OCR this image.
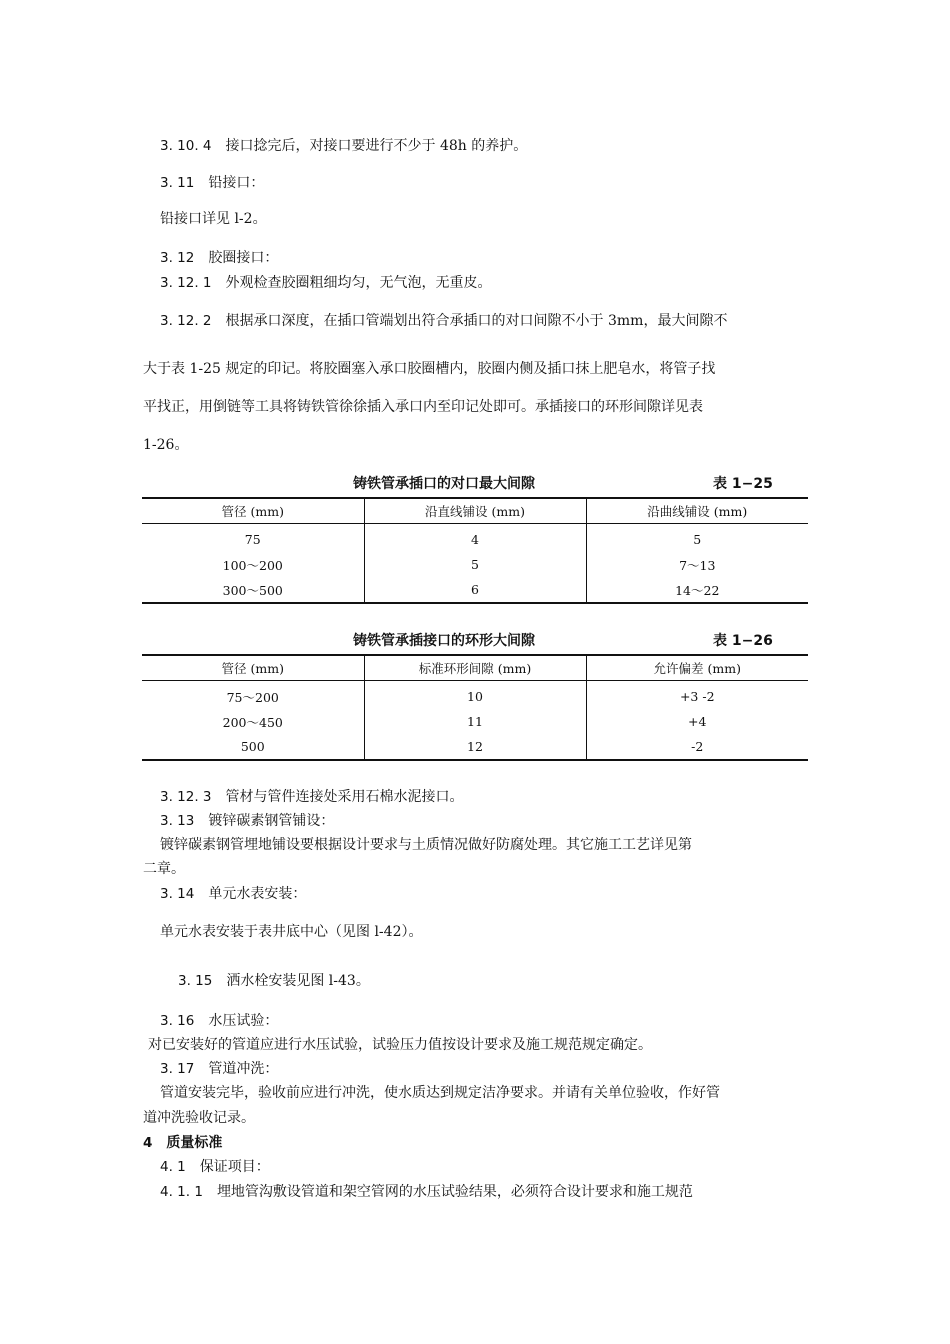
3. 10. 4 接口捻完后，对接口要进行不少于 48h 的养护。
3. 11 铅接口：
铅接口详见 l-2。
3. 12 胶圈接口：
3. 12. 1 外观检查胶圈粗细均匀，无气泡，无重皮。
3. 12. 2 根据承口深度，在插口管端划出符合承插口的对口间隙不小于 3mm，最大间隙不
大于表 1-25 规定的印记。将胶圈塞入承口胶圈槽内，胶圈内侧及插口抹上肥皂水，将管子找
平找正，用倒链等工具将铸铁管徐徐插入承口内至印记处即可。承插接口的环形间隙详见表
1-26。
铸铁管承插口的对口最大间隙	表 1−25
管径 (mm)	沿直线铺设 (mm)	沿曲线铺设 (mm)
75	4	5
100～200	5	7～13
300～500	6	14～22
铸铁管承插接口的环形大间隙	表 1−26
管径 (mm)	标准环形间隙 (mm)	允许偏差 (mm)
75～200	10	+3 -2
200～450	11	+4
500	12	-2
3. 12. 3 管材与管件连接处采用石棉水泥接口。
3. 13 镀锌碳素钢管铺设：
镀锌碳素钢管埋地铺设要根据设计要求与土质情况做好防腐处理。其它施工工艺详见第
二章。
3. 14 单元水表安装：
单元水表安装于表井底中心（见图 l-42）。
3. 15 洒水栓安装见图 l-43。
3. 16 水压试验：
对已安装好的管道应进行水压试验，试验压力值按设计要求及施工规范规定确定。
3. 17 管道冲洗：
管道安装完毕，验收前应进行冲洗，使水质达到规定洁净要求。并请有关单位验收，作好管
道冲洗验收记录。
4 质量标准
4. 1 保证项目：
4. 1. 1 埋地管沟敷设管道和架空管网的水压试验结果，必须符合设计要求和施工规范
